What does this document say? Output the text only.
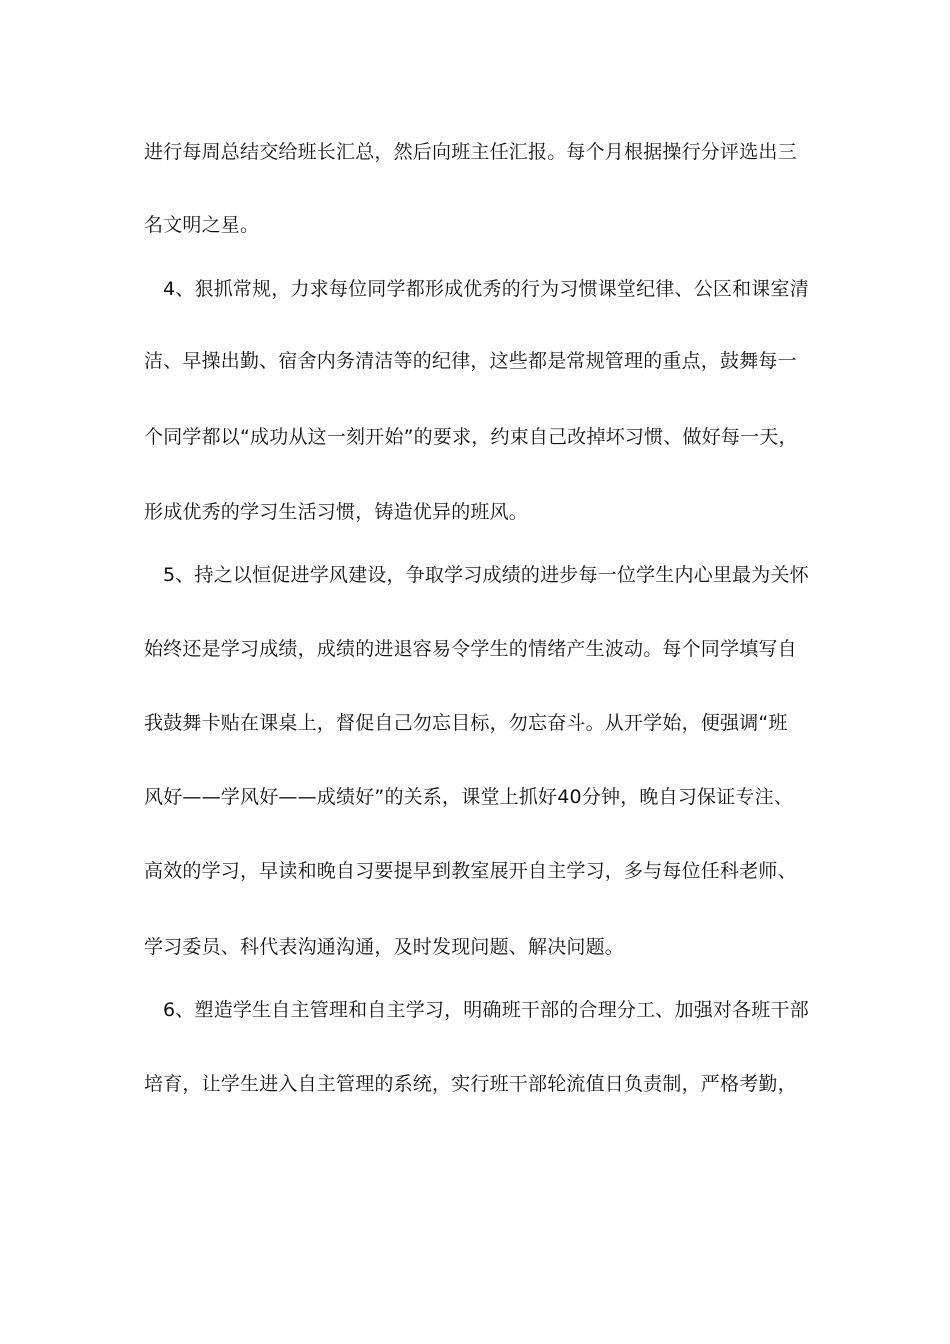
进行每周总结交给班长汇总，然后向班主任汇报。每个月根据操行分评选出三
名文明之星。
4、狠抓常规，力求每位同学都形成优秀的行为习惯课堂纪律、公区和课室清
洁、早操出勤、宿舍内务清洁等的纪律，这些都是常规管理的重点，鼓舞每一
个同学都以“成功从这一刻开始”的要求，约束自己改掉坏习惯、做好每一天，
形成优秀的学习生活习惯，铸造优异的班风。
5、持之以恒促进学风建设，争取学习成绩的进步每一位学生内心里最为关怀
始终还是学习成绩，成绩的进退容易令学生的情绪产生波动。每个同学填写自
我鼓舞卡贴在课桌上，督促自己勿忘目标，勿忘奋斗。从开学始，便强调“班
风好——学风好——成绩好”的关系，课堂上抓好40分钟，晚自习保证专注、
高效的学习，早读和晚自习要提早到教室展开自主学习，多与每位任科老师、
学习委员、科代表沟通沟通，及时发现问题、解决问题。
6、塑造学生自主管理和自主学习，明确班干部的合理分工、加强对各班干部
培育，让学生进入自主管理的系统，实行班干部轮流值日负责制，严格考勤，
